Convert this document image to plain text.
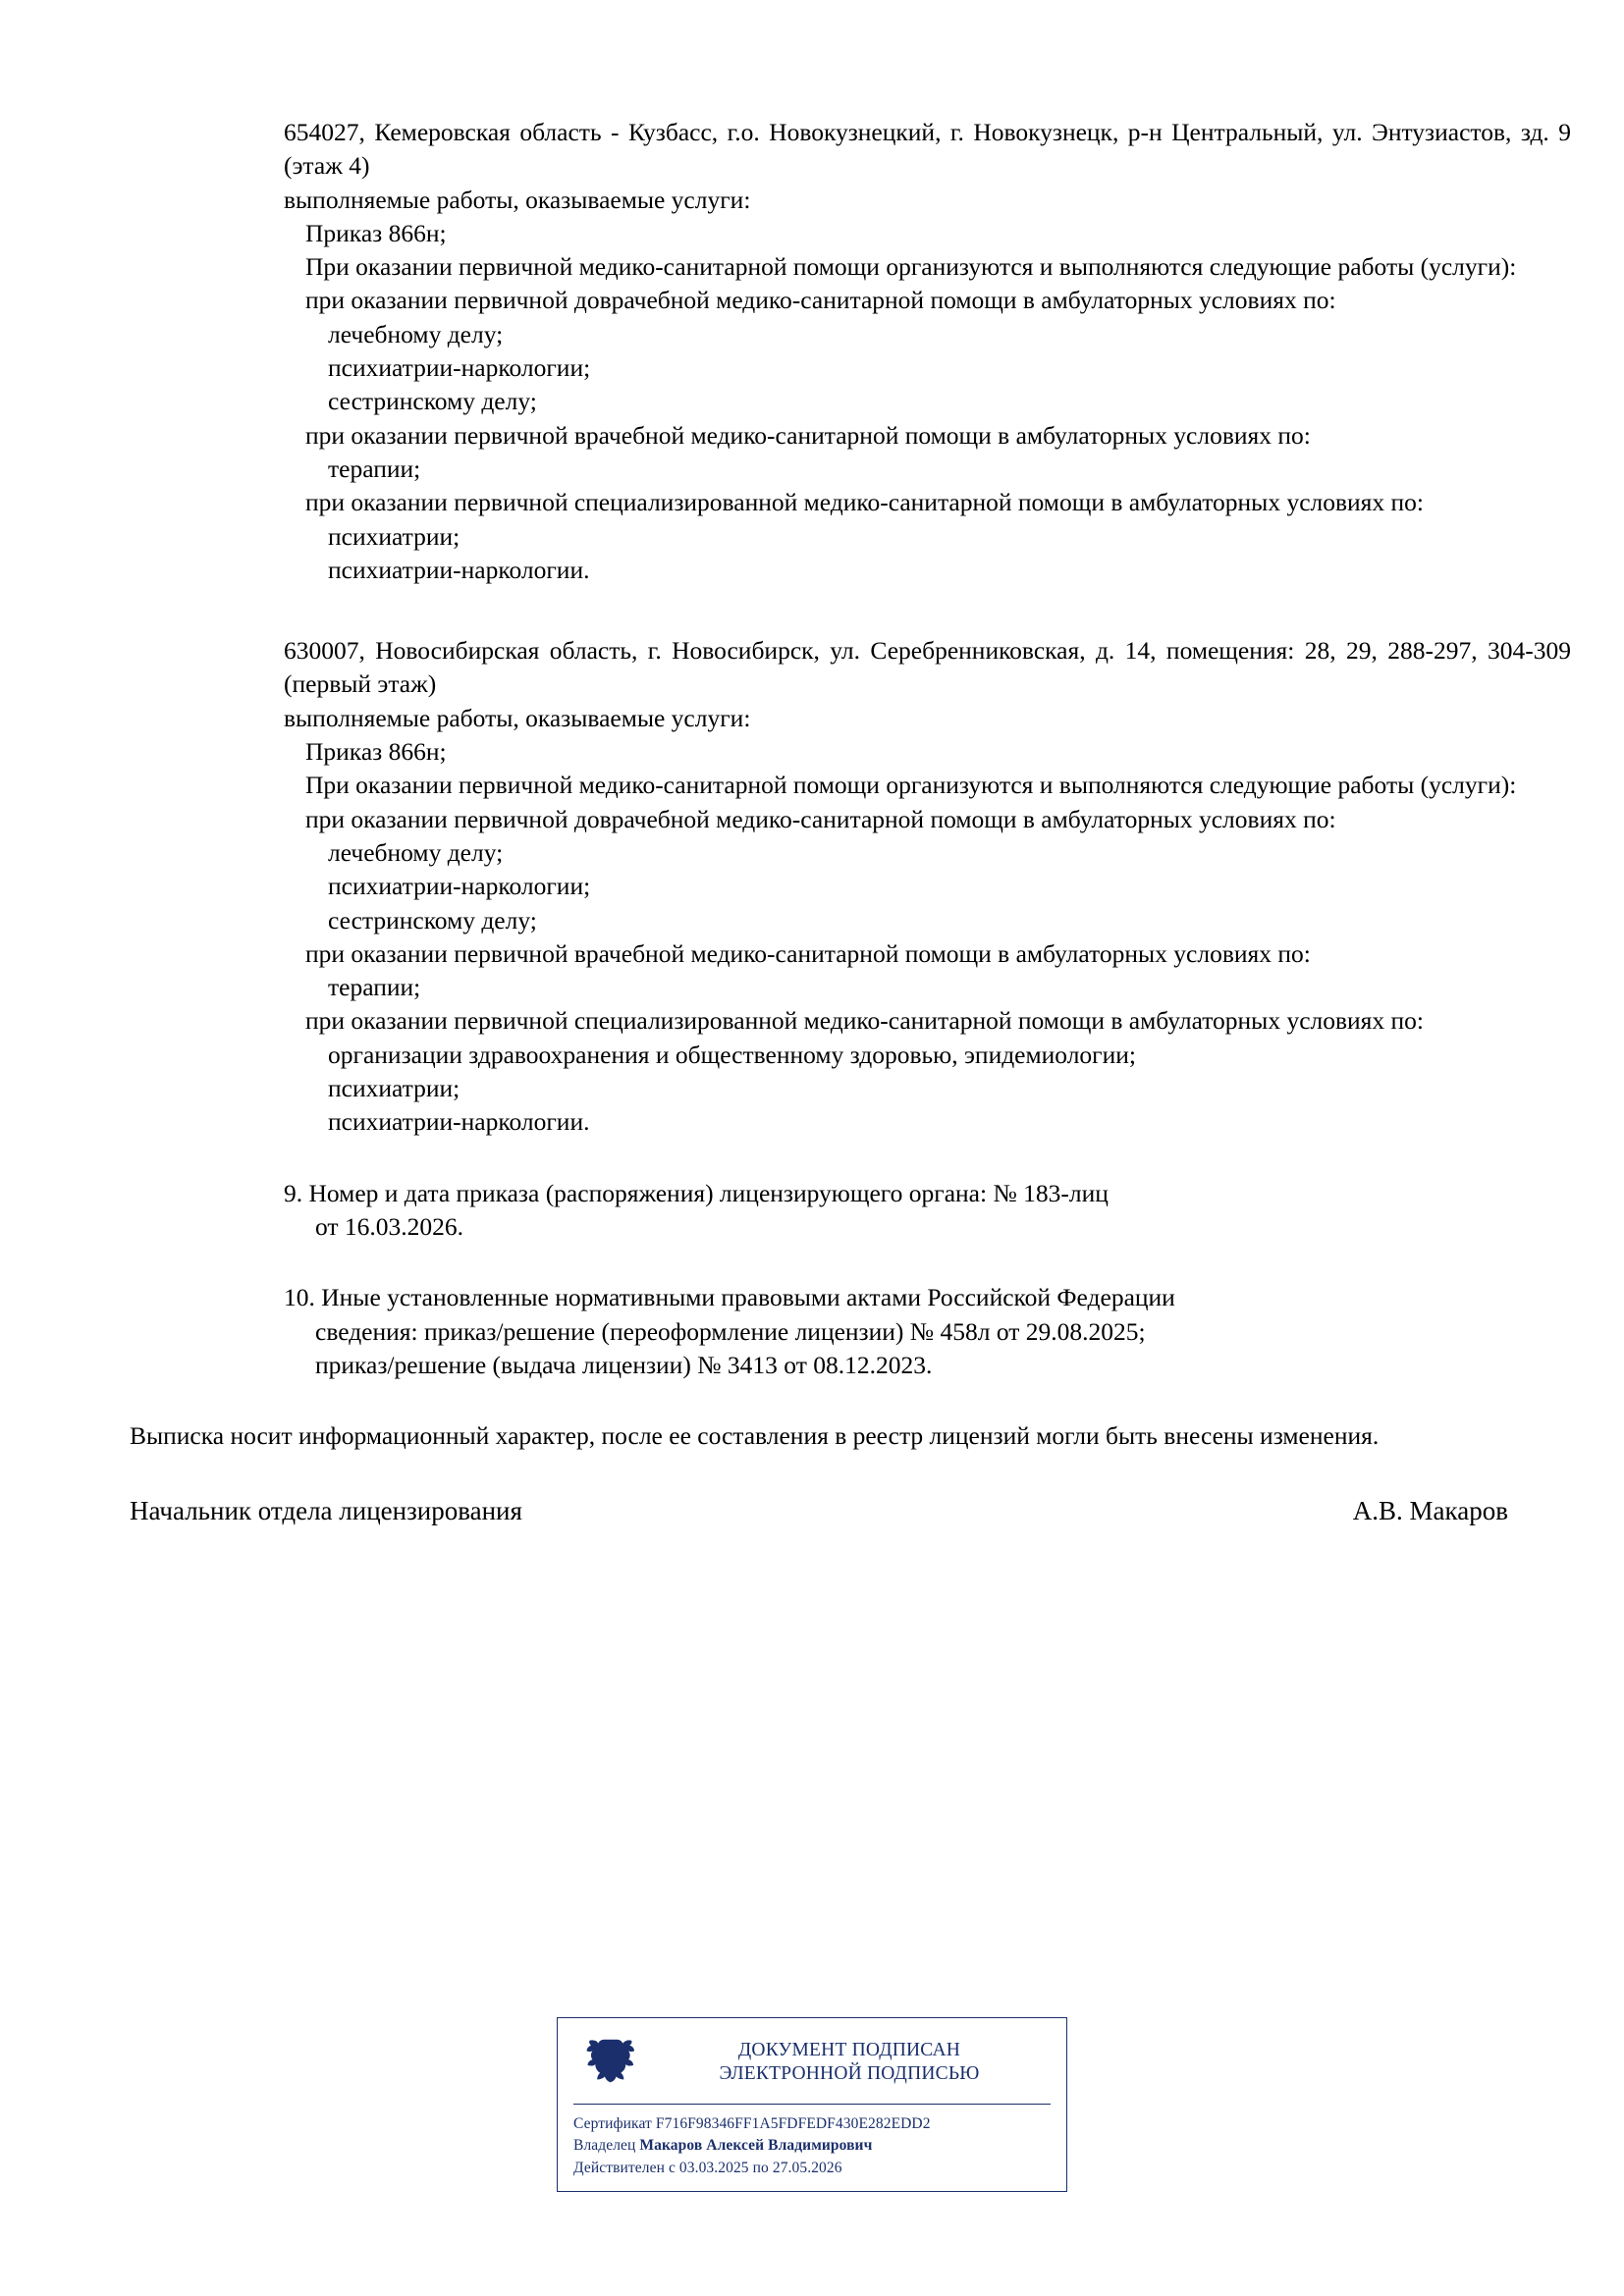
654027, Кемеровская область - Кузбасс, г.о. Новокузнецкий, г. Новокузнецк, р-н Центральный, ул. Энтузиастов, зд. 9 (этаж 4)
выполняемые работы, оказываемые услуги:
Приказ 866н;
При оказании первичной медико-санитарной помощи организуются и выполняются следующие работы (услуги):
при оказании первичной доврачебной медико-санитарной помощи в амбулаторных условиях по:
лечебному делу;
психиатрии-наркологии;
сестринскому делу;
при оказании первичной врачебной медико-санитарной помощи в амбулаторных условиях по:
терапии;
при оказании первичной специализированной медико-санитарной помощи в амбулаторных условиях по:
психиатрии;
психиатрии-наркологии.
630007, Новосибирская область, г. Новосибирск, ул. Серебренниковская, д. 14, помещения: 28, 29, 288-297, 304-309 (первый этаж)
выполняемые работы, оказываемые услуги:
Приказ 866н;
При оказании первичной медико-санитарной помощи организуются и выполняются следующие работы (услуги):
при оказании первичной доврачебной медико-санитарной помощи в амбулаторных условиях по:
лечебному делу;
психиатрии-наркологии;
сестринскому делу;
при оказании первичной врачебной медико-санитарной помощи в амбулаторных условиях по:
терапии;
при оказании первичной специализированной медико-санитарной помощи в амбулаторных условиях по:
организации здравоохранения и общественному здоровью, эпидемиологии;
психиатрии;
психиатрии-наркологии.
9. Номер и дата приказа (распоряжения) лицензирующего органа: № 183-лиц
от 16.03.2026.
10. Иные установленные нормативными правовыми актами Российской Федерации
сведения: приказ/решение (переоформление лицензии) № 458л от 29.08.2025;
приказ/решение (выдача лицензии) № 3413 от 08.12.2023.
Выписка носит информационный характер, после ее составления в реестр лицензий могли быть внесены изменения.
Начальник отдела лицензирования	А.В. Макаров
ДОКУМЕНТ ПОДПИСАН
ЭЛЕКТРОННОЙ ПОДПИСЬЮ
Сертификат F716F98346FF1A5FDFEDF430E282EDD2
Владелец Макаров Алексей Владимирович
Действителен с 03.03.2025 по 27.05.2026
